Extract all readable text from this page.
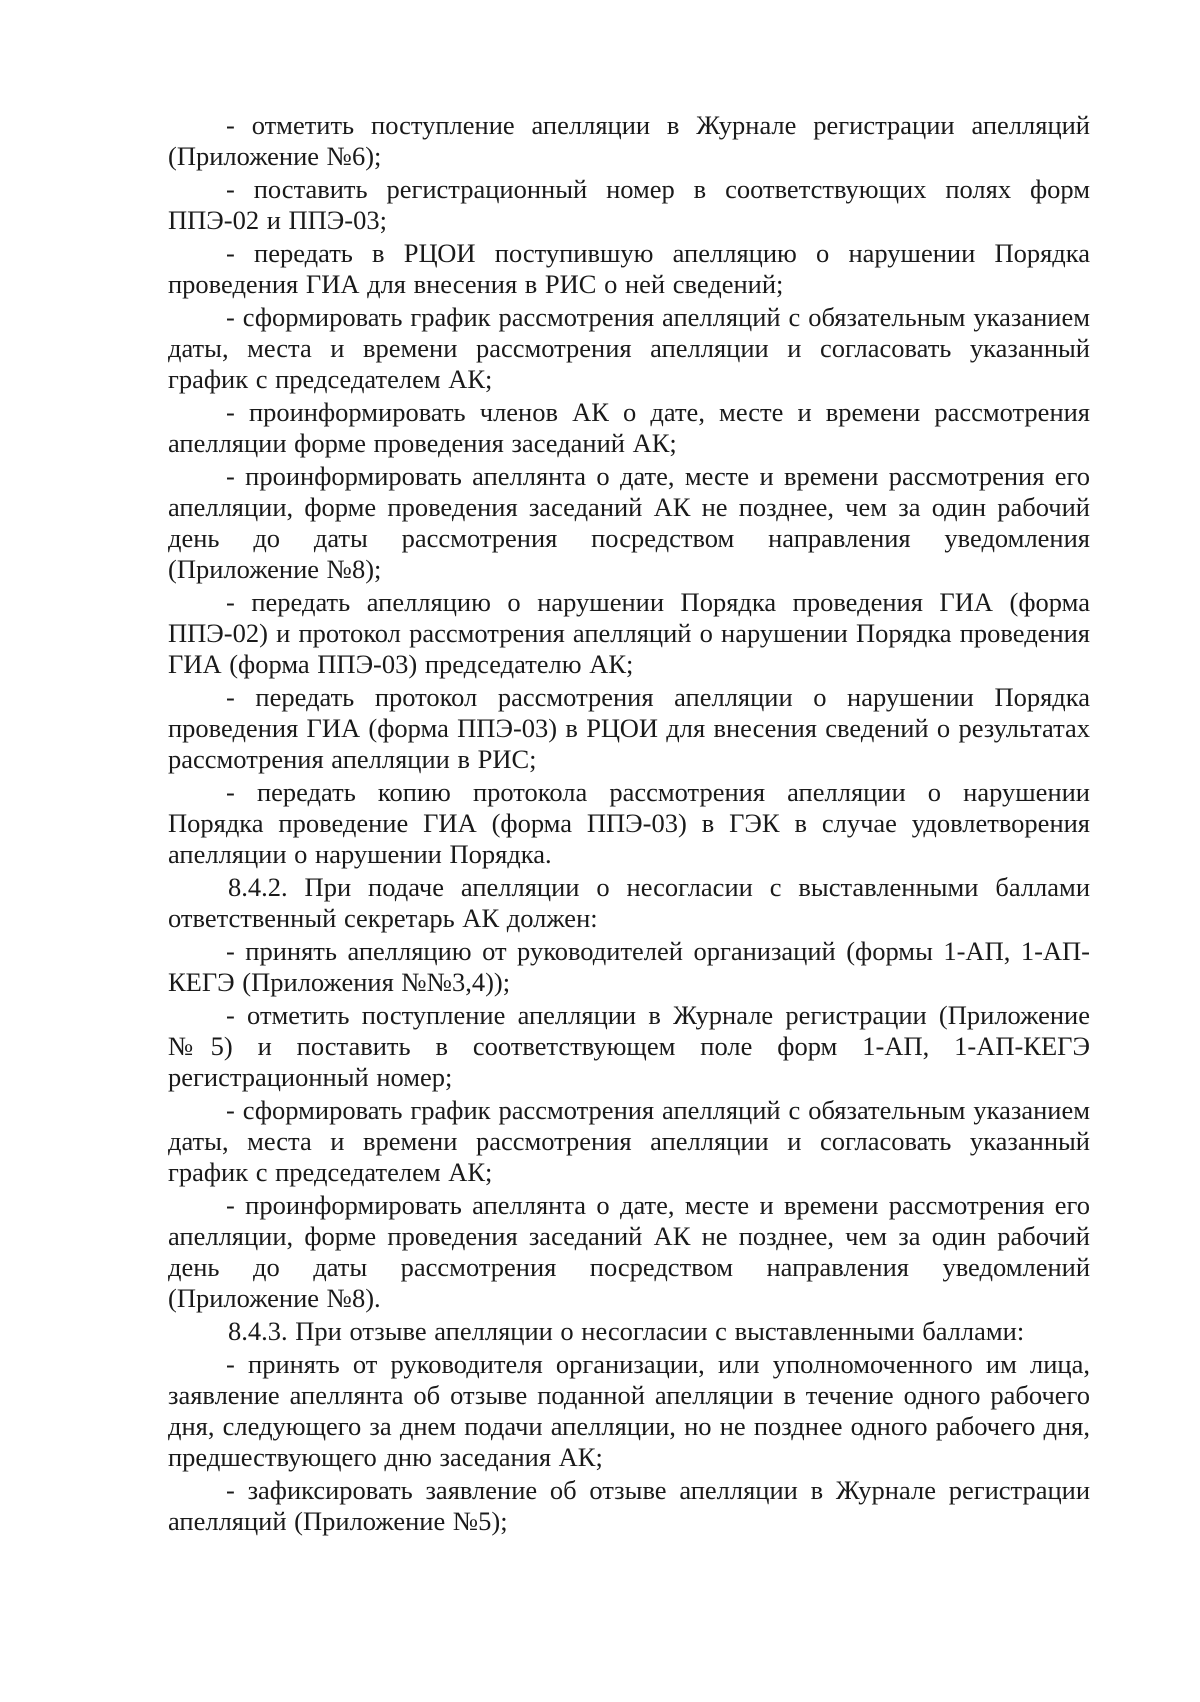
- отметить поступление апелляции в Журнале регистрации апелляций (Приложение №6);

- поставить регистрационный номер в соответствующих полях форм ППЭ-02 и ППЭ-03;

- передать в РЦОИ поступившую апелляцию о нарушении Порядка проведения ГИА для внесения в РИС о ней сведений;

- сформировать график рассмотрения апелляций с обязательным указанием даты, места и времени рассмотрения апелляции и согласовать указанный график с председателем АК;

- проинформировать членов АК о дате, месте и времени рассмотрения апелляции форме проведения заседаний АК;

- проинформировать апеллянта о дате, месте и времени рассмотрения его апелляции, форме проведения заседаний АК не позднее, чем за один рабочий день до даты рассмотрения посредством направления уведомления (Приложение №8);

- передать апелляцию о нарушении Порядка проведения ГИА (форма ППЭ-02) и протокол рассмотрения апелляций о нарушении Порядка проведения ГИА (форма ППЭ-03) председателю АК;

- передать протокол рассмотрения апелляции о нарушении Порядка проведения ГИА (форма ППЭ-03) в РЦОИ для внесения сведений о результатах рассмотрения апелляции в РИС;

- передать копию протокола рассмотрения апелляции о нарушении Порядка проведение ГИА (форма ППЭ-03) в ГЭК в случае удовлетворения апелляции о нарушении Порядка.

8.4.2. При подаче апелляции о несогласии с выставленными баллами ответственный секретарь АК должен:

- принять апелляцию от руководителей организаций (формы 1-АП, 1-АП-КЕГЭ (Приложения №№3,4));

- отметить поступление апелляции в Журнале регистрации (Приложение №5) и поставить в соответствующем поле форм 1-АП, 1-АП-КЕГЭ регистрационный номер;

- сформировать график рассмотрения апелляций с обязательным указанием даты, места и времени рассмотрения апелляции и согласовать указанный график с председателем АК;

- проинформировать апеллянта о дате, месте и времени рассмотрения его апелляции, форме проведения заседаний АК не позднее, чем за один рабочий день до даты рассмотрения посредством направления уведомлений (Приложение №8).

8.4.3. При отзыве апелляции о несогласии с выставленными баллами:

- принять от руководителя организации, или уполномоченного им лица, заявление апеллянта об отзыве поданной апелляции в течение одного рабочего дня, следующего за днем подачи апелляции, но не позднее одного рабочего дня, предшествующего дню заседания АК;

- зафиксировать заявление об отзыве апелляции в Журнале регистрации апелляций (Приложение №5);
